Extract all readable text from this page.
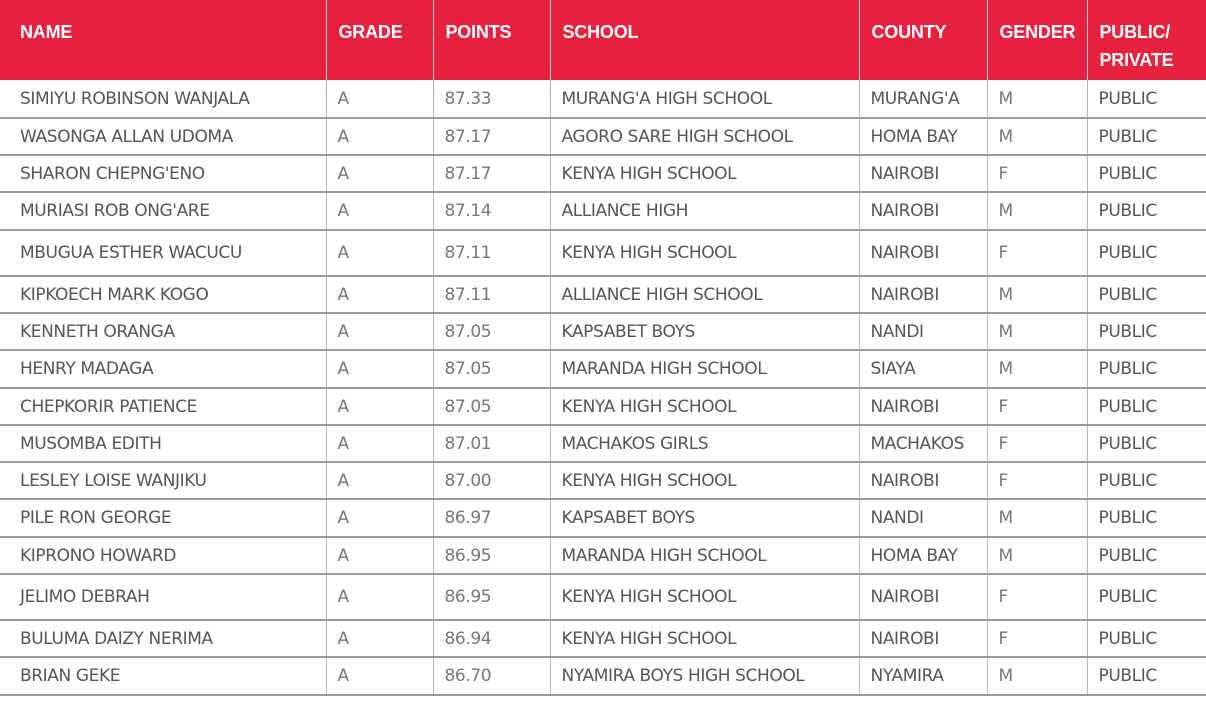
NAME	GRADE	POINTS	SCHOOL	COUNTY	GENDER	PUBLIC/
PRIVATE
SIMIYU ROBINSON WANJALA	A	87.33	MURANG'A HIGH SCHOOL	MURANG'A	M	PUBLIC
WASONGA ALLAN UDOMA	A	87.17	AGORO SARE HIGH SCHOOL	HOMA BAY	M	PUBLIC
SHARON CHEPNG'ENO	A	87.17	KENYA HIGH SCHOOL	NAIROBI	F	PUBLIC
MURIASI ROB ONG'ARE	A	87.14	ALLIANCE HIGH	NAIROBI	M	PUBLIC
MBUGUA ESTHER WACUCU	A	87.11	KENYA HIGH SCHOOL	NAIROBI	F	PUBLIC
KIPKOECH MARK KOGO	A	87.11	ALLIANCE HIGH SCHOOL	NAIROBI	M	PUBLIC
KENNETH ORANGA	A	87.05	KAPSABET BOYS	NANDI	M	PUBLIC
HENRY MADAGA	A	87.05	MARANDA HIGH SCHOOL	SIAYA	M	PUBLIC
CHEPKORIR PATIENCE	A	87.05	KENYA HIGH SCHOOL	NAIROBI	F	PUBLIC
MUSOMBA EDITH	A	87.01	MACHAKOS GIRLS	MACHAKOS	F	PUBLIC
LESLEY LOISE WANJIKU	A	87.00	KENYA HIGH SCHOOL	NAIROBI	F	PUBLIC
PILE RON GEORGE	A	86.97	KAPSABET BOYS	NANDI	M	PUBLIC
KIPRONO HOWARD	A	86.95	MARANDA HIGH SCHOOL	HOMA BAY	M	PUBLIC
JELIMO DEBRAH	A	86.95	KENYA HIGH SCHOOL	NAIROBI	F	PUBLIC
BULUMA DAIZY NERIMA	A	86.94	KENYA HIGH SCHOOL	NAIROBI	F	PUBLIC
BRIAN GEKE	A	86.70	NYAMIRA BOYS HIGH SCHOOL	NYAMIRA	M	PUBLIC
